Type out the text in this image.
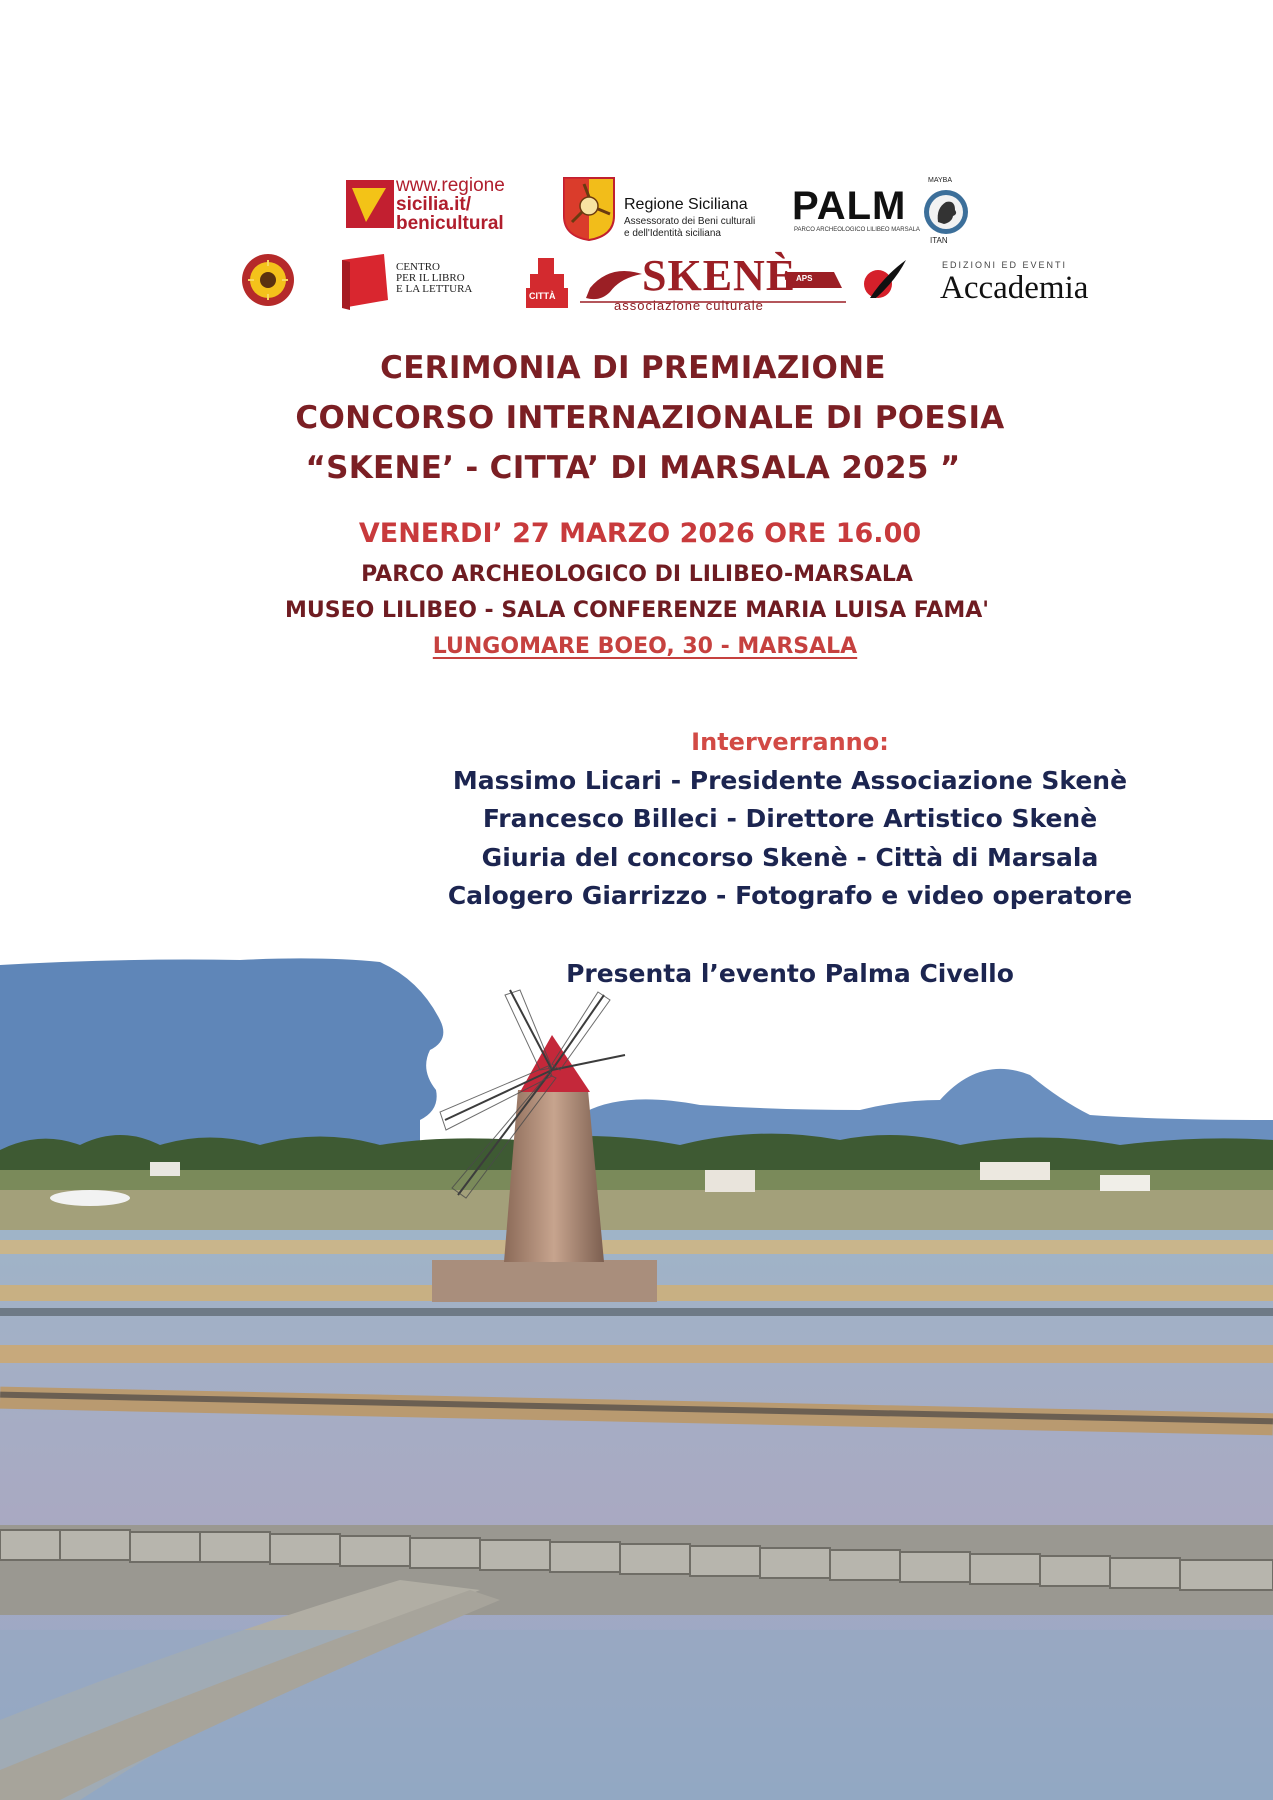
www.regione
sicilia.it/
benicultural
Regione Siciliana
Assessorato dei Beni culturali
e dell'Identità siciliana
PALM
PARCO ARCHEOLOGICO LILIBEO MARSALA
MAYBA
ITAN
CENTRO
PER IL LIBRO
E LA LETTURA
CITTÀ SKENÈ APS
associazione culturale
EDIZIONI ED EVENTI
Accademia
CERIMONIA DI PREMIAZIONE
CONCORSO INTERNAZIONALE DI POESIA
“SKENE’ - CITTA’ DI MARSALA 2025 ”
VENERDI’ 27 MARZO 2026 ORE 16.00
PARCO ARCHEOLOGICO DI LILIBEO-MARSALA
MUSEO LILIBEO - SALA CONFERENZE MARIA LUISA FAMA'
LUNGOMARE BOEO, 30 - MARSALA
Interverranno:
Massimo Licari - Presidente Associazione Skenè
Francesco Billeci - Direttore Artistico Skenè
Giuria del concorso Skenè - Città di Marsala
Calogero Giarrizzo - Fotografo e video operatore
Presenta l’evento Palma Civello
